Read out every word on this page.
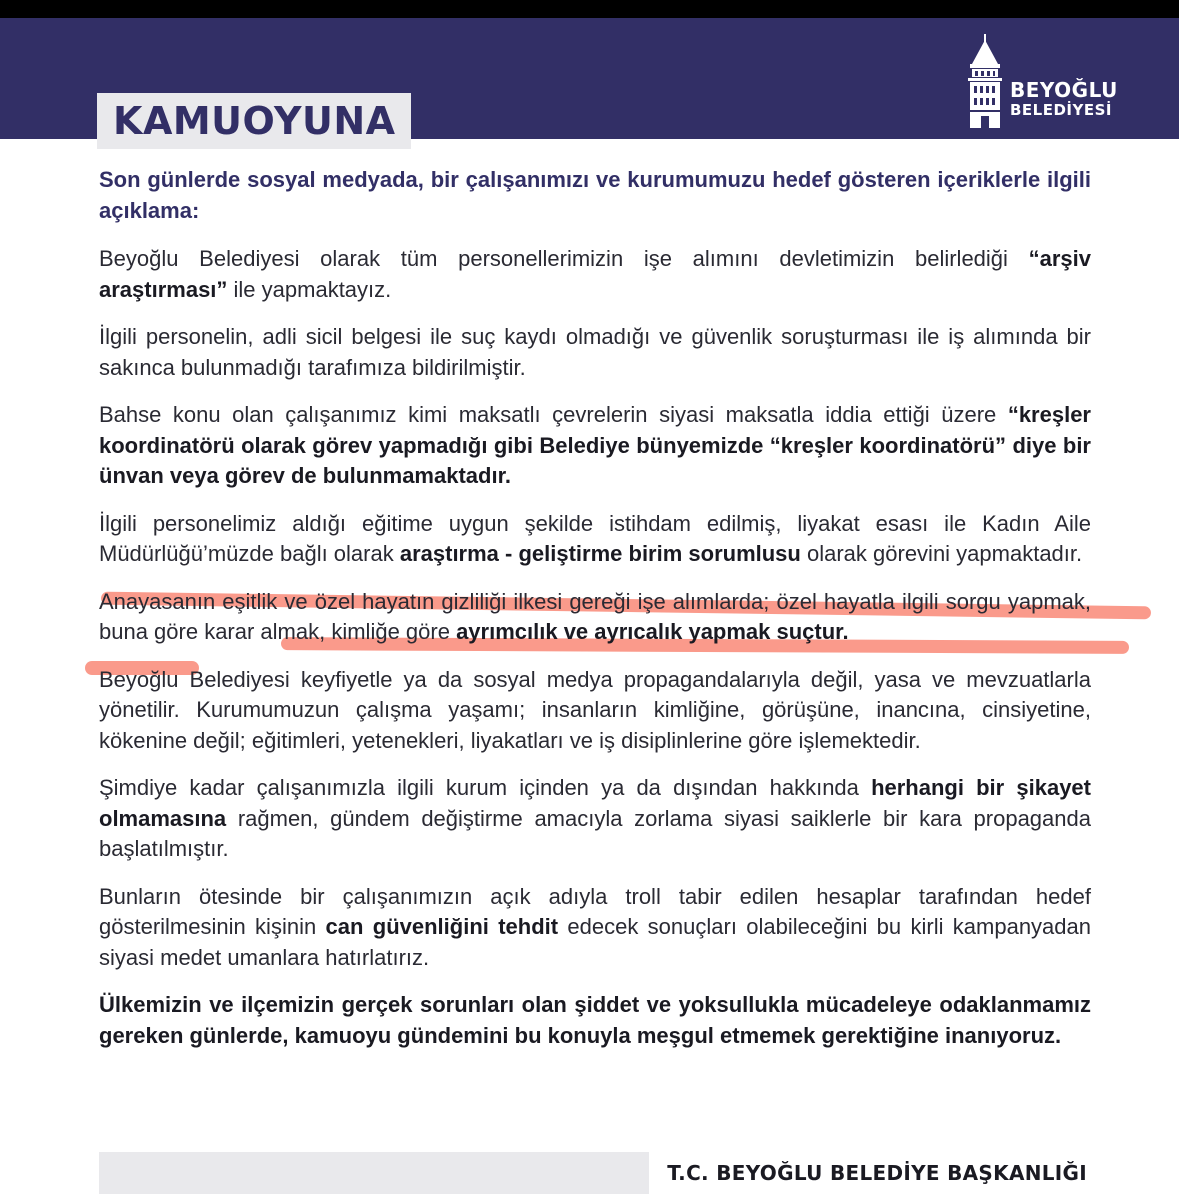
BEYOĞLU
BELEDİYESİ
KAMUOYUNA

Son günlerde sosyal medyada, bir çalışanımızı ve kurumumuzu hedef gösteren içeriklerle ilgili açıklama:

Beyoğlu Belediyesi olarak tüm personellerimizin işe alımını devletimizin belirlediği “arşiv araştırması” ile yapmaktayız.

İlgili personelin, adli sicil belgesi ile suç kaydı olmadığı ve güvenlik soruşturması ile iş alımında bir sakınca bulunmadığı tarafımıza bildirilmiştir.

Bahse konu olan çalışanımız kimi maksatlı çevrelerin siyasi maksatla iddia ettiği üzere “kreşler koordinatörü olarak görev yapmadığı gibi Belediye bünyemizde “kreşler koordinatörü” diye bir ünvan veya görev de bulunmamaktadır.

İlgili personelimiz aldığı eğitime uygun şekilde istihdam edilmiş, liyakat esası ile Kadın Aile Müdürlüğü’müzde bağlı olarak araştırma - geliştirme birim sorumlusu olarak görevini yapmaktadır.

Anayasanın eşitlik ve özel hayatın gizliliği ilkesi gereği işe alımlarda; özel hayatla ilgili sorgu yapmak, buna göre karar almak, kimliğe göre ayrımcılık ve ayrıcalık yapmak suçtur.

Beyoğlu Belediyesi keyfiyetle ya da sosyal medya propagandalarıyla değil, yasa ve mevzuatlarla yönetilir. Kurumumuzun çalışma yaşamı; insanların kimliğine, görüşüne, inancına, cinsiyetine, kökenine değil; eğitimleri, yetenekleri, liyakatları ve iş disiplinlerine göre işlemektedir.

Şimdiye kadar çalışanımızla ilgili kurum içinden ya da dışından hakkında herhangi bir şikayet olmamasına rağmen, gündem değiştirme amacıyla zorlama siyasi saiklerle bir kara propaganda başlatılmıştır.

Bunların ötesinde bir çalışanımızın açık adıyla troll tabir edilen hesaplar tarafından hedef gösterilmesinin kişinin can güvenliğini tehdit edecek sonuçları olabileceğini bu kirli kampanyadan siyasi medet umanlara hatırlatırız.

Ülkemizin ve ilçemizin gerçek sorunları olan şiddet ve yoksullukla mücadeleye odaklanmamız gereken günlerde, kamuoyu gündemini bu konuyla meşgul etmemek gerektiğine inanıyoruz.

T.C. BEYOĞLU BELEDİYE BAŞKANLIĞI
